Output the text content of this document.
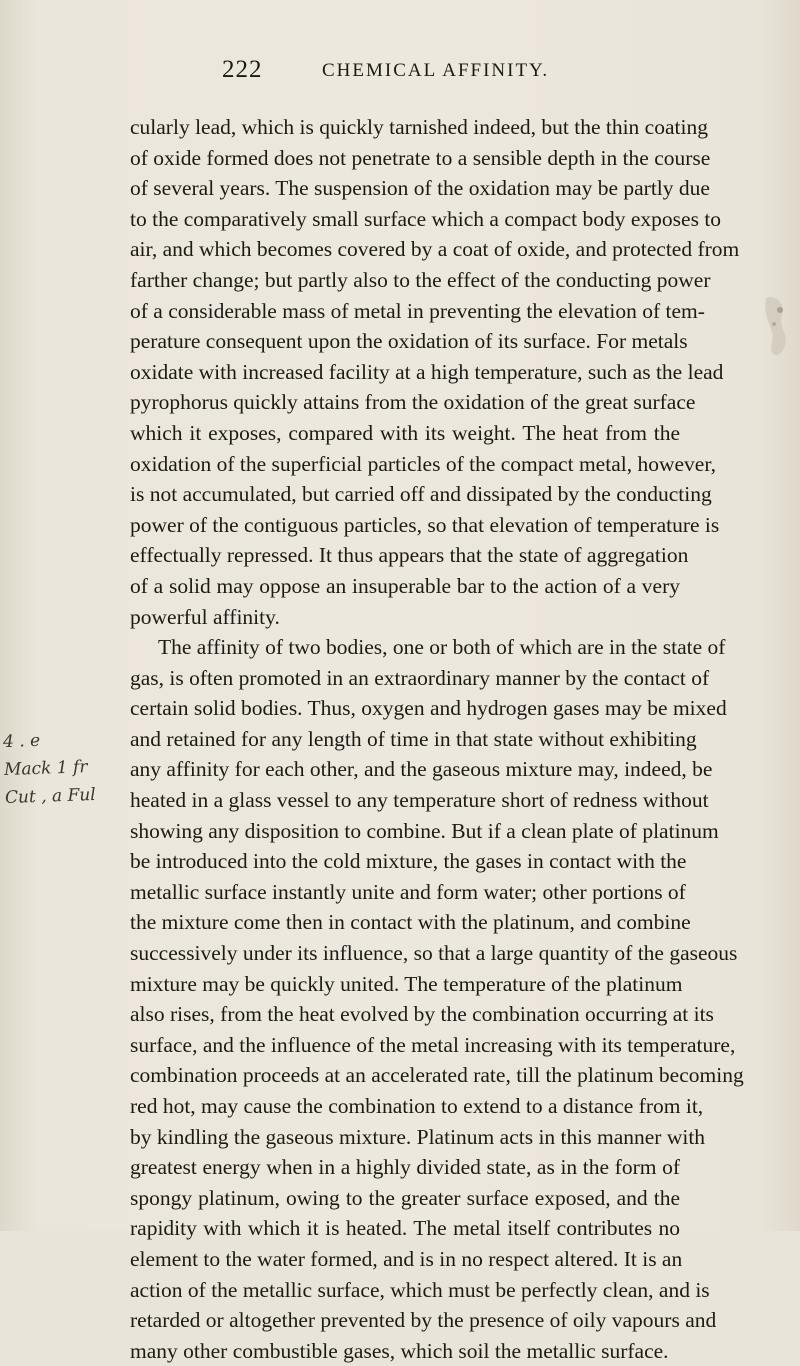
222	CHEMICAL AFFINITY.
4 . e
Mack 1 fr
Cut , a Ful
cularly lead, which is quickly tarnished indeed, but the thin coating
of oxide formed does not penetrate to a sensible depth in the course
of several years. The suspension of the oxidation may be partly due
to the comparatively small surface which a compact body exposes to
air, and which becomes covered by a coat of oxide, and protected from
farther change; but partly also to the effect of the conducting power
of a considerable mass of metal in preventing the elevation of tem-
perature consequent upon the oxidation of its surface. For metals
oxidate with increased facility at a high temperature, such as the lead
pyrophorus quickly attains from the oxidation of the great surface
which it exposes, compared with its weight. The heat from the
oxidation of the superficial particles of the compact metal, however,
is not accumulated, but carried off and dissipated by the conducting
power of the contiguous particles, so that elevation of temperature is
effectually repressed. It thus appears that the state of aggregation
of a solid may oppose an insuperable bar to the action of a very
powerful affinity.
The affinity of two bodies, one or both of which are in the state of
gas, is often promoted in an extraordinary manner by the contact of
certain solid bodies. Thus, oxygen and hydrogen gases may be mixed
and retained for any length of time in that state without exhibiting
any affinity for each other, and the gaseous mixture may, indeed, be
heated in a glass vessel to any temperature short of redness without
showing any disposition to combine. But if a clean plate of platinum
be introduced into the cold mixture, the gases in contact with the
metallic surface instantly unite and form water; other portions of
the mixture come then in contact with the platinum, and combine
successively under its influence, so that a large quantity of the gaseous
mixture may be quickly united. The temperature of the platinum
also rises, from the heat evolved by the combination occurring at its
surface, and the influence of the metal increasing with its temperature,
combination proceeds at an accelerated rate, till the platinum becoming
red hot, may cause the combination to extend to a distance from it,
by kindling the gaseous mixture. Platinum acts in this manner with
greatest energy when in a highly divided state, as in the form of
spongy platinum, owing to the greater surface exposed, and the
rapidity with which it is heated. The metal itself contributes no
element to the water formed, and is in no respect altered. It is an
action of the metallic surface, which must be perfectly clean, and is
retarded or altogether prevented by the presence of oily vapours and
many other combustible gases, which soil the metallic surface.
